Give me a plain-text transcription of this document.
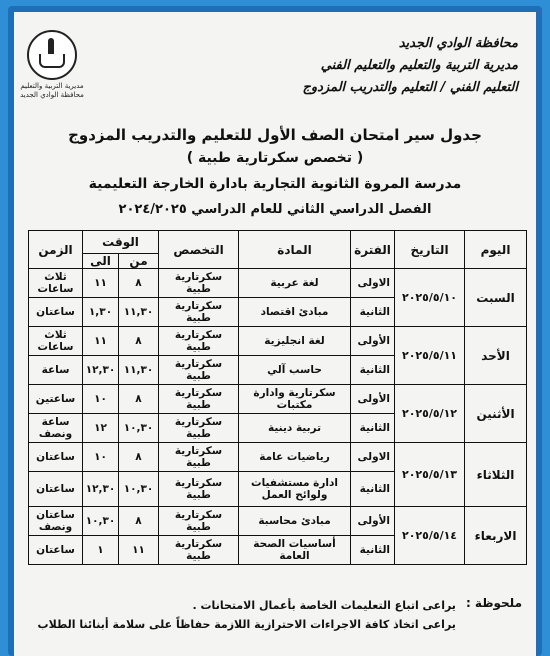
مديرية التربية والتعليم محافظة الوادي الجديد
محافظة الوادي الجديد
مديرية التربية والتعليم والتعليم الفني
التعليم الفني / التعليم والتدريب المزدوج
جدول سير امتحان الصف الأول للتعليم والتدريب المزدوج
( تخصص سكرتارية طبية )
مدرسة المروة الثانوية التجارية بادارة الخارجة التعليمية
الفصل الدراسي الثاني للعام الدراسي ٢٠٢٤/٢٠٢٥
اليوم	التاريخ	الفترة	المادة	التخصص	الوقت		الزمن
					من	الى	
السبت	٢٠٢٥/٥/١٠	الاولى	لغة عربية	سكرتارية طبية	٨	١١	ثلاث ساعات
		الثانية	مبادئ اقتصاد	سكرتارية طبية	١١,٣٠	١,٣٠	ساعتان
الأحد	٢٠٢٥/٥/١١	الأولى	لغة انجليزية	سكرتارية طبية	٨	١١	ثلاث ساعات
		الثانية	حاسب آلي	سكرتارية طبية	١١,٣٠	١٢,٣٠	ساعة
الأثنين	٢٠٢٥/٥/١٢	الأولى	سكرتارية وادارة مكتبات	سكرتارية طبية	٨	١٠	ساعتين
		الثانية	تربية دينية	سكرتارية طبية	١٠,٣٠	١٢	ساعة ونصف
الثلاثاء	٢٠٢٥/٥/١٣	الاولى	رياضيات عامة	سكرتارية طبية	٨	١٠	ساعتان
		الثانية	ادارة مستشفيات ولوائح العمل	سكرتارية طبية	١٠,٣٠	١٢,٣٠	ساعتان
الاربعاء	٢٠٢٥/٥/١٤	الأولى	مبادئ محاسبة	سكرتارية طبية	٨	١٠,٣٠	ساعتان ونصف
		الثانية	أساسيات الصحة العامة	سكرتارية طبية	١١	١	ساعتان
ملحوظة :
يراعى اتباع التعليمات الخاصة بأعمال الامتحانات .
يراعى اتخاذ كافة الاجراءات الاحترازية اللازمة حفاظاً على سلامة أبنائنا الطلاب
